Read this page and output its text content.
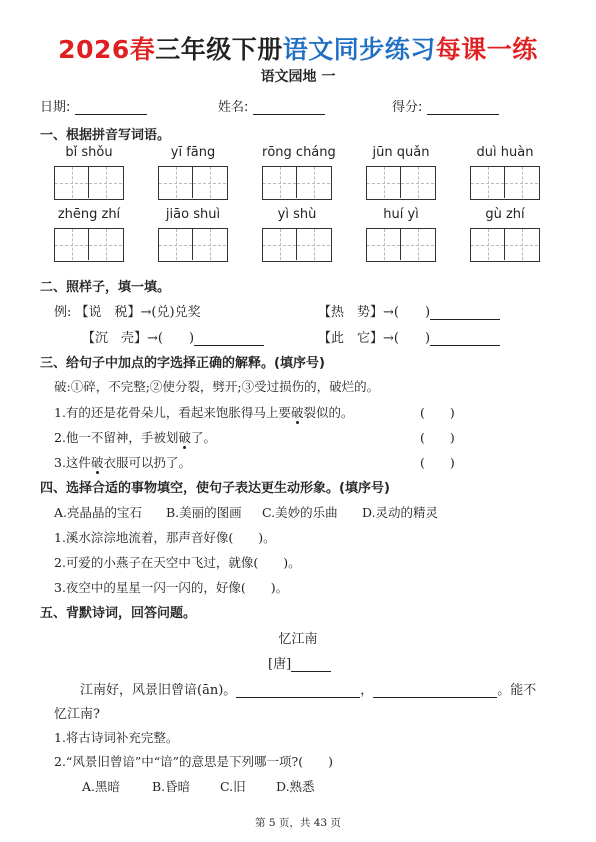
2026春三年级下册语文同步练习每课一练
语文园地 一
日期:	姓名:	得分:
一、根据拼音写词语。
bǐ shǒu	yī fāng	rōng cháng	jūn quǎn	duì huàn
zhēng zhí	jiāo shuì	yì shù	huí yì	gù zhí
二、照样子，填一填。
例: 【说　税】→(兑)兑奖	【热　势】→(　　)
【沉　壳】→(　　)	【此　它】→(　　)
三、给句子中加点的字选择正确的解释。(填序号)
破:①碎，不完整;②使分裂，劈开;③受过损伤的，破烂的。
1.有的还是花骨朵儿，看起来饱胀得马上要破裂似的。	(　　)
2.他一不留神，手被划破了。	(　　)
3.这件破衣服可以扔了。	(　　)
四、选择合适的事物填空，使句子表达更生动形象。(填序号)
A.亮晶晶的宝石 B.美丽的图画 C.美妙的乐曲 D.灵动的精灵
1.溪水淙淙地流着，那声音好像(　　)。
2.可爱的小燕子在天空中飞过，就像(　　)。
3.夜空中的星星一闪一闪的，好像(　　)。
五、背默诗词，回答问题。
忆江南
[唐]
江南好，风景旧曾谙(ān)。	，	。能不
忆江南?
1.将古诗词补充完整。
2.“风景旧曾谙”中“谙”的意思是下列哪一项?(　　)
A.黑暗	B.昏暗 C.旧 D.熟悉
第 5 页，共 43 页
